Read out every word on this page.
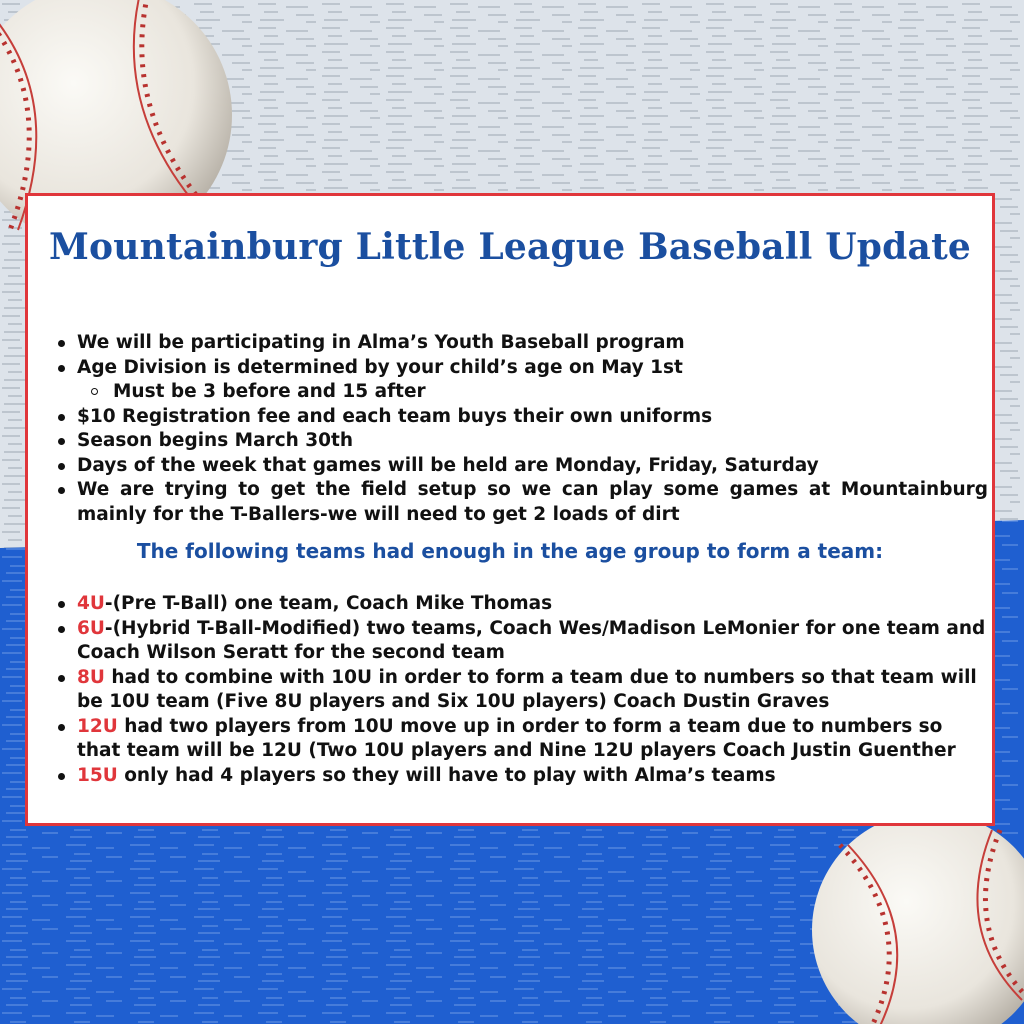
Mountainburg Little League Baseball Update
We will be participating in Alma’s Youth Baseball program
Age Division is determined by your child’s age on May 1st
Must be 3 before and 15 after
$10 Registration fee and each team buys their own uniforms
Season begins March 30th
Days of the week that games will be held are Monday, Friday, Saturday
We are trying to get the field setup so we can play some games at Mountainburg mainly for the T-Ballers-we will need to get 2 loads of dirt
The following teams had enough in the age group to form a team:
4U-(Pre T-Ball) one team, Coach Mike Thomas
6U-(Hybrid T-Ball-Modified) two teams, Coach Wes/Madison LeMonier for one team and Coach Wilson Seratt for the second team
8U had to combine with 10U in order to form a team due to numbers so that team will be 10U team (Five 8U players and Six 10U players) Coach Dustin Graves
12U had two players from 10U move up in order to form a team due to numbers so that team will be 12U (Two 10U players and Nine 12U players Coach Justin Guenther
15U only had 4 players so they will have to play with Alma’s teams
